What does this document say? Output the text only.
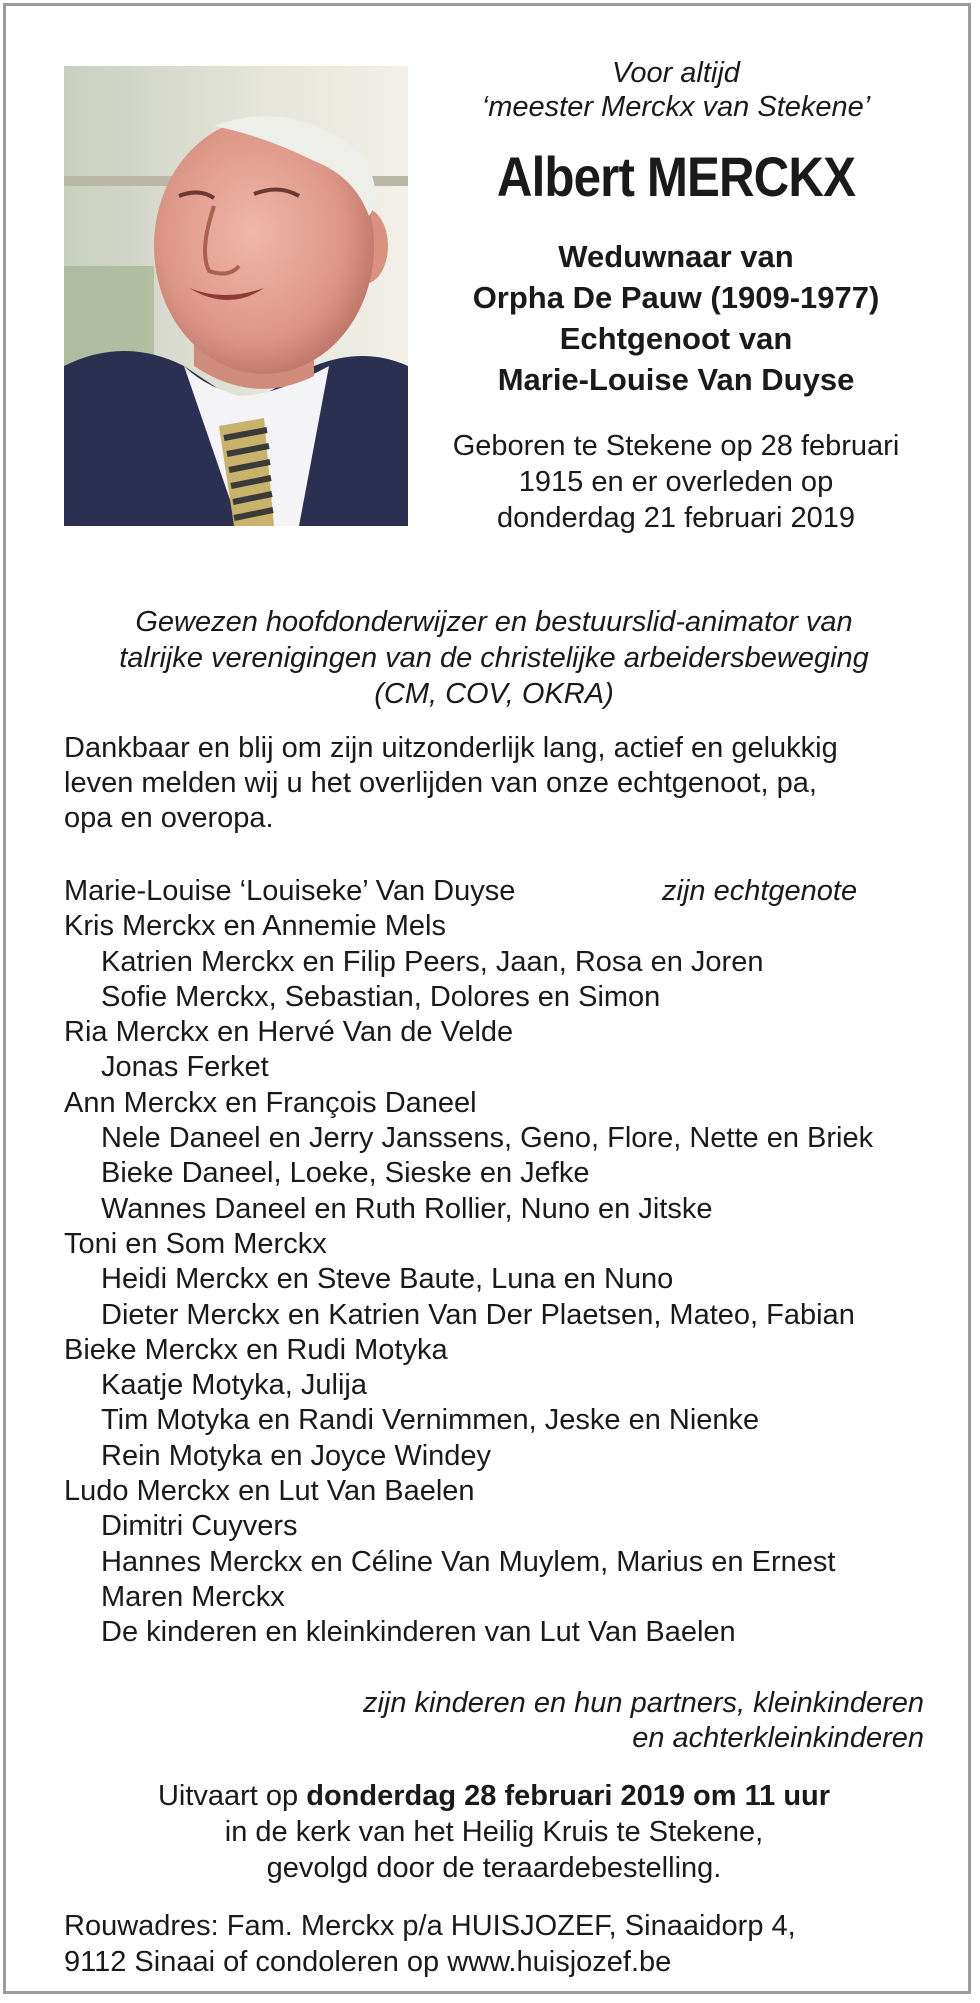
Voor altijd

‘meester Merckx van Stekene’

Albert MERCKX

Weduwnaar van

Orpha De Pauw (1909-1977)

Echtgenoot van

Marie-Louise Van Duyse

Geboren te Stekene op 28 februari
1915 en er overleden op
donderdag 21 februari 2019
Gewezen hoofdonderwijzer en bestuurslid-animator van
talrijke verenigingen van de christelijke arbeidersbeweging
(CM, COV, OKRA)
Dankbaar en blij om zijn uitzonderlijk lang, actief en gelukkig
leven melden wij u het overlijden van onze echtgenoot, pa,
opa en overopa.
Marie-Louise ‘Louiseke’ Van Duyse	zijn echtgenote
Kris Merckx en Annemie Mels
Katrien Merckx en Filip Peers, Jaan, Rosa en Joren
Sofie Merckx, Sebastian, Dolores en Simon
Ria Merckx en Hervé Van de Velde
Jonas Ferket
Ann Merckx en François Daneel
Nele Daneel en Jerry Janssens, Geno, Flore, Nette en Briek
Bieke Daneel, Loeke, Sieske en Jefke
Wannes Daneel en Ruth Rollier, Nuno en Jitske
Toni en Som Merckx
Heidi Merckx en Steve Baute, Luna en Nuno
Dieter Merckx en Katrien Van Der Plaetsen, Mateo, Fabian
Bieke Merckx en Rudi Motyka
Kaatje Motyka, Julija
Tim Motyka en Randi Vernimmen, Jeske en Nienke
Rein Motyka en Joyce Windey
Ludo Merckx en Lut Van Baelen
Dimitri Cuyvers
Hannes Merckx en Céline Van Muylem, Marius en Ernest
Maren Merckx
De kinderen en kleinkinderen van Lut Van Baelen
zijn kinderen en hun partners, kleinkinderen
en achterkleinkinderen
Uitvaart op donderdag 28 februari 2019 om 11 uur
in de kerk van het Heilig Kruis te Stekene,
gevolgd door de teraardebestelling.
Rouwadres: Fam. Merckx p/a HUISJOZEF, Sinaaidorp 4,
9112 Sinaai of condoleren op www.huisjozef.be
